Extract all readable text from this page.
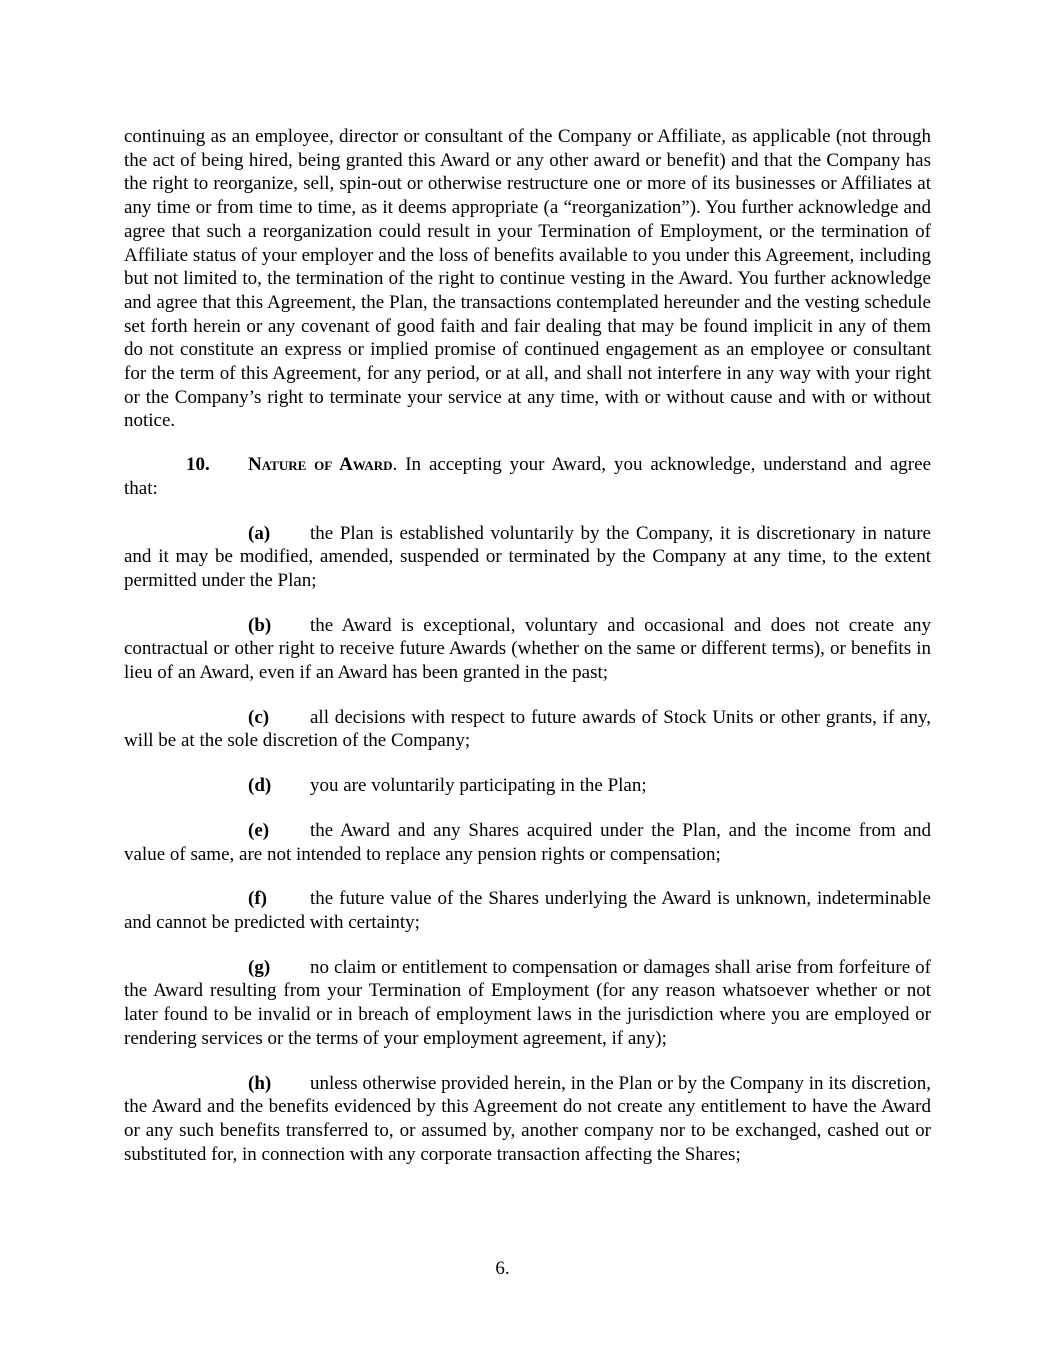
continuing as an employee, director or consultant of the Company or Affiliate, as applicable (not through the act of being hired, being granted this Award or any other award or benefit) and that the Company has the right to reorganize, sell, spin-out or otherwise restructure one or more of its businesses or Affiliates at any time or from time to time, as it deems appropriate (a “reorganization”). You further acknowledge and agree that such a reorganization could result in your Termination of Employment, or the termination of Affiliate status of your employer and the loss of benefits available to you under this Agreement, including but not limited to, the termination of the right to continue vesting in the Award. You further acknowledge and agree that this Agreement, the Plan, the transactions contemplated hereunder and the vesting schedule set forth herein or any covenant of good faith and fair dealing that may be found implicit in any of them do not constitute an express or implied promise of continued engagement as an employee or consultant for the term of this Agreement, for any period, or at all, and shall not interfere in any way with your right or the Company’s right to terminate your service at any time, with or without cause and with or without notice.

10. Nature of Award. In accepting your Award, you acknowledge, understand and agree that:

(a) the Plan is established voluntarily by the Company, it is discretionary in nature and it may be modified, amended, suspended or terminated by the Company at any time, to the extent permitted under the Plan;

(b) the Award is exceptional, voluntary and occasional and does not create any contractual or other right to receive future Awards (whether on the same or different terms), or benefits in lieu of an Award, even if an Award has been granted in the past;

(c) all decisions with respect to future awards of Stock Units or other grants, if any, will be at the sole discretion of the Company;

(d) you are voluntarily participating in the Plan;

(e) the Award and any Shares acquired under the Plan, and the income from and value of same, are not intended to replace any pension rights or compensation;

(f) the future value of the Shares underlying the Award is unknown, indeterminable and cannot be predicted with certainty;

(g) no claim or entitlement to compensation or damages shall arise from forfeiture of the Award resulting from your Termination of Employment (for any reason whatsoever whether or not later found to be invalid or in breach of employment laws in the jurisdiction where you are employed or rendering services or the terms of your employment agreement, if any);

(h) unless otherwise provided herein, in the Plan or by the Company in its discretion, the Award and the benefits evidenced by this Agreement do not create any entitlement to have the Award or any such benefits transferred to, or assumed by, another company nor to be exchanged, cashed out or substituted for, in connection with any corporate transaction affecting the Shares;

6.
